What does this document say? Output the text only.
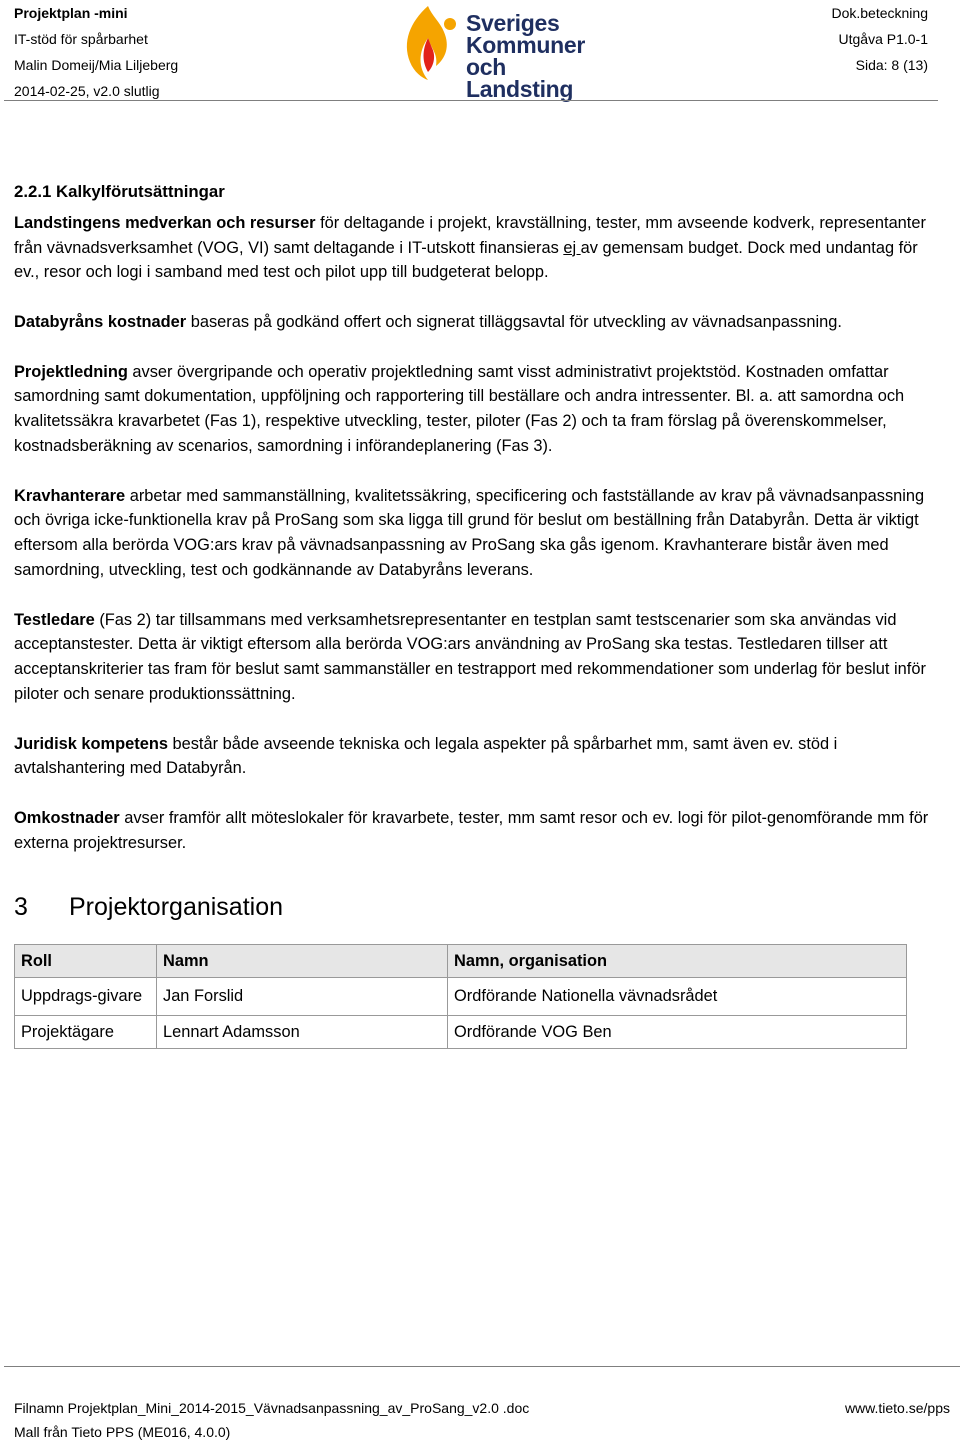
Projektplan -mini
IT-stöd för spårbarhet
Malin Domeij/Mia Liljeberg
2014-02-25, v2.0 slutlig
Sveriges
Kommuner
och Landsting
Dok.beteckning
Utgåva P1.0-1
Sida: 8 (13)
2.2.1 Kalkylförutsättningar

Landstingens medverkan och resurser för deltagande i projekt, kravställning, tester, mm avseende kodverk, representanter från vävnadsverksamhet (VOG, VI) samt deltagande i IT-utskott finansieras ej av gemensam budget. Dock med undantag för ev., resor och logi i samband med test och pilot upp till budgeterat belopp.

Databyråns kostnader baseras på godkänd offert och signerat tilläggsavtal för utveckling av vävnadsanpassning.

Projektledning avser övergripande och operativ projektledning samt visst administrativt projektstöd. Kostnaden omfattar samordning samt dokumentation, uppföljning och rapportering till beställare och andra intressenter. Bl. a. att samordna och kvalitetssäkra kravarbetet (Fas 1), respektive utveckling, tester, piloter (Fas 2) och ta fram förslag på överenskommelser, kostnadsberäkning av scenarios, samordning i införandeplanering (Fas 3).

Kravhanterare arbetar med sammanställning, kvalitetssäkring, specificering och fastställande av krav på vävnadsanpassning och övriga icke-funktionella krav på ProSang som ska ligga till grund för beslut om beställning från Databyrån. Detta är viktigt eftersom alla berörda VOG:ars krav på vävnadsanpassning av ProSang ska gås igenom. Kravhanterare bistår även med samordning, utveckling, test och godkännande av Databyråns leverans.

Testledare (Fas 2) tar tillsammans med verksamhetsrepresentanter en testplan samt testscenarier som ska användas vid acceptanstester. Detta är viktigt eftersom alla berörda VOG:ars användning av ProSang ska testas. Testledaren tillser att acceptanskriterier tas fram för beslut samt sammanställer en testrapport med rekommendationer som underlag för beslut inför piloter och senare produktionssättning.

Juridisk kompetens består både avseende tekniska och legala aspekter på spårbarhet mm, samt även ev. stöd i avtalshantering med Databyrån.

Omkostnader avser framför allt möteslokaler för kravarbete, tester, mm samt resor och ev. logi för pilot-genomförande mm för externa projektresurser.

3 Projektorganisation
Roll	Namn	Namn, organisation
Uppdrags-givare	Jan Forslid	Ordförande Nationella vävnadsrådet
Projektägare	Lennart Adamsson	Ordförande VOG Ben
Filnamn Projektplan_Mini_2014-2015_Vävnadsanpassning_av_ProSang_v2.0 .doc
Mall från Tieto PPS (ME016, 4.0.0)
www.tieto.se/pps
